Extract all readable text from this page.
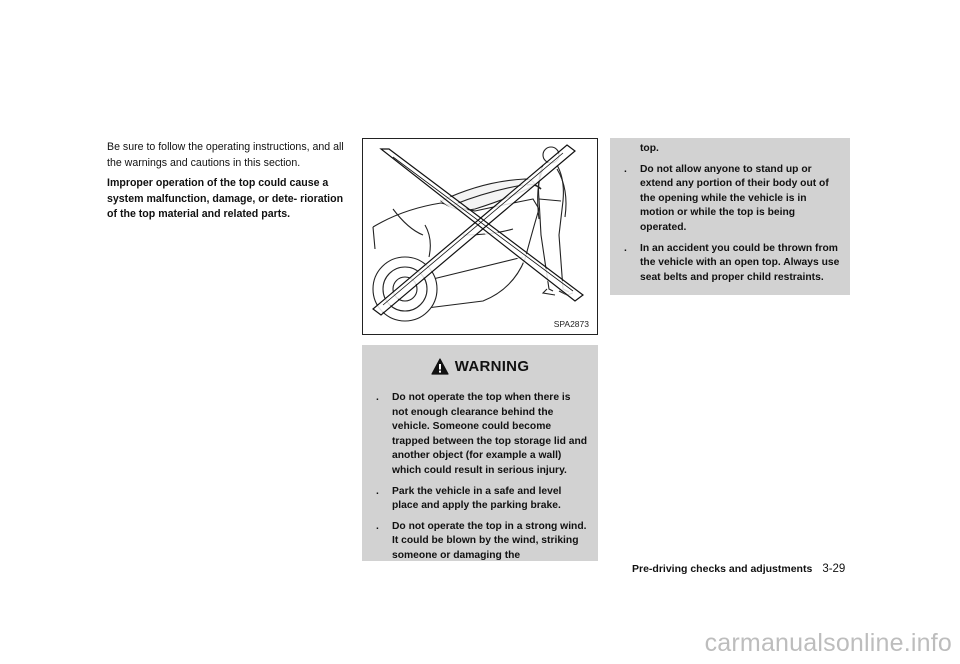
Be sure to follow the operating instructions, and all the warnings and cautions in this section.

Improper operation of the top could cause a system malfunction, damage, or dete- rioration of the top material and related parts.

SPA2873
WARNING
. Do not operate the top when there is not enough clearance behind the vehicle. Someone could become trapped between the top storage lid and another object (for example a wall) which could result in serious injury.
. Park the vehicle in a safe and level place and apply the parking brake.
. Do not operate the top in a strong wind. It could be blown by the wind, striking someone or damaging the
top.
. Do not allow anyone to stand up or extend any portion of their body out of the opening while the vehicle is in motion or while the top is being operated.
. In an accident you could be thrown from the vehicle with an open top. Always use seat belts and proper child restraints.
Pre-driving checks and adjustments 3-29
carmanualsonline.info
